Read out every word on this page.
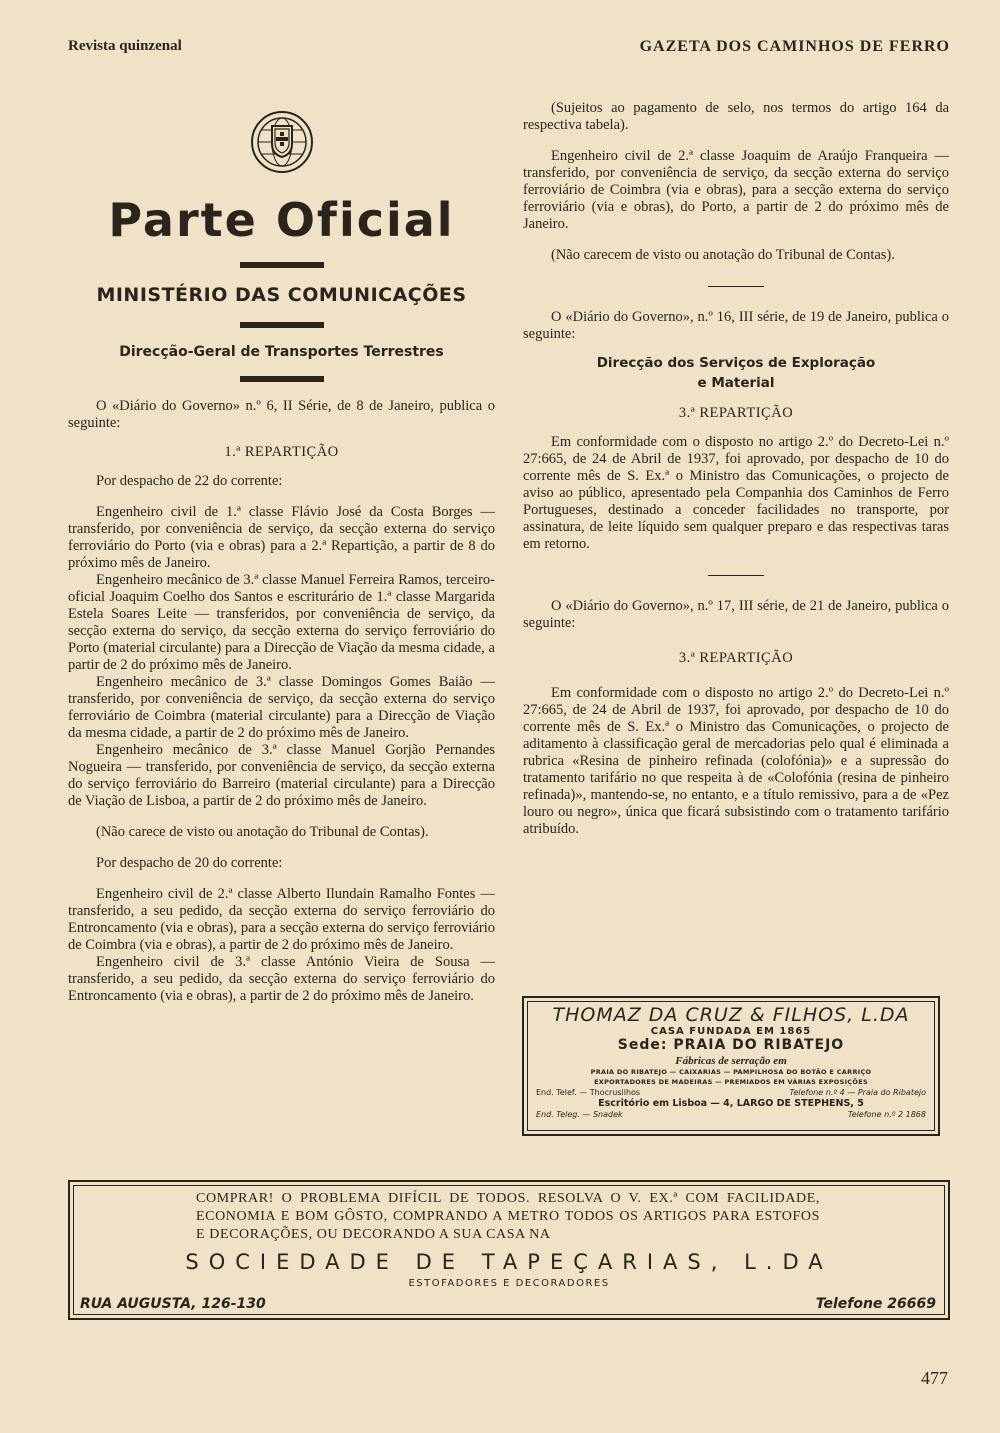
Revista quinzenal	GAZETA DOS CAMINHOS DE FERRO
Parte Oficial
MINISTÉRIO DAS COMUNICAÇÕES
Direcção-Geral de Transportes Terrestres

O «Diário do Governo» n.º 6, II Série, de 8 de Janeiro, publica o seguinte:

1.ª REPARTIÇÃO

Por despacho de 22 do corrente:

Engenheiro civil de 1.ª classe Flávio José da Costa Borges — transferido, por conveniência de serviço, da secção externa do serviço ferroviário do Porto (via e obras) para a 2.ª Repartição, a partir de 8 do próximo mês de Janeiro.

Engenheiro mecânico de 3.ª classe Manuel Ferreira Ramos, terceiro-oficial Joaquim Coelho dos Santos e escriturário de 1.ª classe Margarida Estela Soares Leite — transferidos, por conveniência de serviço, da secção externa do serviço, da secção externa do serviço ferroviário do Porto (material circulante) para a Direcção de Viação da mesma cidade, a partir de 2 do próximo mês de Janeiro.

Engenheiro mecânico de 3.ª classe Domingos Gomes Baião — transferido, por conveniência de serviço, da secção externa do serviço ferroviário de Coimbra (material circulante) para a Direcção de Viação da mesma cidade, a partir de 2 do próximo mês de Janeiro.

Engenheiro mecânico de 3.ª classe Manuel Gorjão Pernandes Nogueira — transferido, por conveniência de serviço, da secção externa do serviço ferroviário do Barreiro (material circulante) para a Direcção de Viação de Lisboa, a partir de 2 do próximo mês de Janeiro.

(Não carece de visto ou anotação do Tribunal de Contas).

Por despacho de 20 do corrente:

Engenheiro civil de 2.ª classe Alberto Ilundain Ramalho Fontes — transferido, a seu pedido, da secção externa do serviço ferroviário do Entroncamento (via e obras), para a secção externa do serviço ferroviário de Coimbra (via e obras), a partir de 2 do próximo mês de Janeiro.

Engenheiro civil de 3.ª classe António Vieira de Sousa — transferido, a seu pedido, da secção externa do serviço ferroviário do Entroncamento (via e obras), a partir de 2 do próximo mês de Janeiro.

(Sujeitos ao pagamento de selo, nos termos do artigo 164 da respectiva tabela).

Engenheiro civil de 2.ª classe Joaquim de Araújo Franqueira — transferido, por conveniência de serviço, da secção externa do serviço ferroviário de Coimbra (via e obras), para a secção externa do serviço ferroviário (via e obras), do Porto, a partir de 2 do próximo mês de Janeiro.

(Não carecem de visto ou anotação do Tribunal de Contas).

O «Diário do Governo», n.º 16, III série, de 19 de Janeiro, publica o seguinte:

Direcção dos Serviços de Exploração
e Material
3.ª REPARTIÇÃO

Em conformidade com o disposto no artigo 2.º do Decreto-Lei n.º 27:665, de 24 de Abril de 1937, foi aprovado, por despacho de 10 do corrente mês de S. Ex.ª o Ministro das Comunicações, o projecto de aviso ao público, apresentado pela Companhia dos Caminhos de Ferro Portugueses, destinado a conceder facilidades no transporte, por assinatura, de leite líquido sem qualquer preparo e das respectivas taras em retorno.

O «Diário do Governo», n.º 17, III série, de 21 de Janeiro, publica o seguinte:

3.ª REPARTIÇÃO

Em conformidade com o disposto no artigo 2.º do Decreto-Lei n.º 27:665, de 24 de Abril de 1937, foi aprovado, por despacho de 10 do corrente mês de S. Ex.ª o Ministro das Comunicações, o projecto de aditamento à classificação geral de mercadorias pelo qual é eliminada a rubrica «Resina de pinheiro refinada (colofónia)» e a supressão do tratamento tarifário no que respeita à de «Colofónia (resina de pinheiro refinada)», mantendo-se, no entanto, e a título remissivo, para a de «Pez louro ou negro», única que ficará subsistindo com o tratamento tarifário atribuído.

THOMAZ DA CRUZ & FILHOS, L.DA
CASA FUNDADA EM 1865
Sede: PRAIA DO RIBATEJO
Fábricas de serração em
PRAIA DO RIBATEJO — CAIXARIAS — PAMPILHOSA DO BOTÃO E CARRIÇO
EXPORTADORES DE MADEIRAS — PREMIADOS EM VÁRIAS EXPOSIÇÕES
End. Telef. — Thocrusilhos	Telefone n.º 4 — Praia do Ribatejo
Escritório em Lisboa — 4, LARGO DE STEPHENS, 5
End. Teleg. — Snadek	Telefone n.º 2 1868
COMPRAR! O PROBLEMA DIFÍCIL DE TODOS. RESOLVA O V. EX.ª COM FACILIDADE, ECONOMIA E BOM GÔSTO, COMPRANDO A METRO TODOS OS ARTIGOS PARA ESTOFOS E DECORAÇÕES, OU DECORANDO A SUA CASA NA
SOCIEDADE DE TAPEÇARIAS, L.DA
ESTOFADORES E DECORADORES
RUA AUGUSTA, 126-130	Telefone 26669
477
